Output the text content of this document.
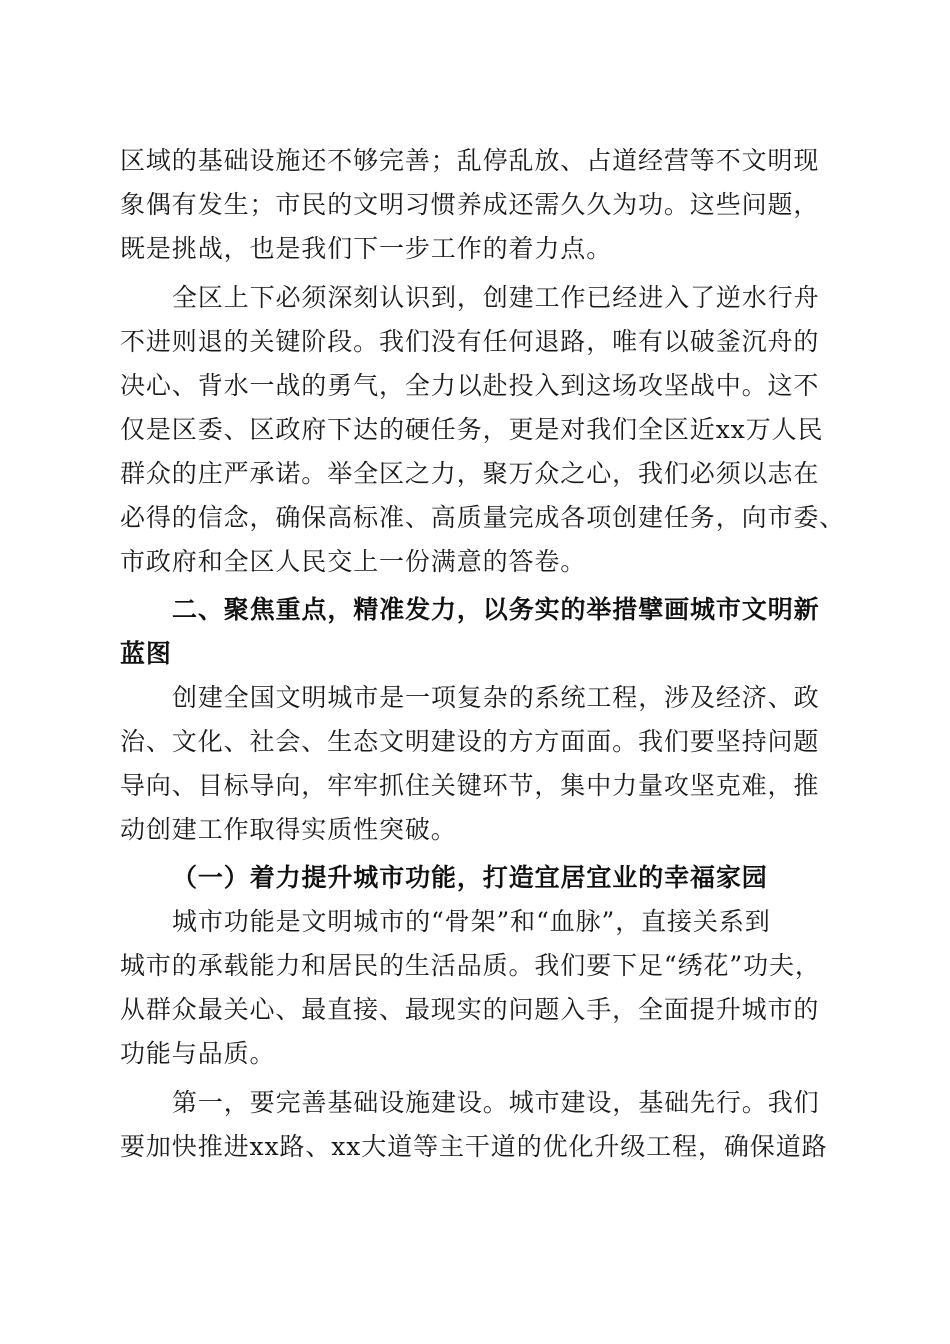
区域的基础设施还不够完善；乱停乱放、占道经营等不文明现
象偶有发生；市民的文明习惯养成还需久久为功。这些问题，
既是挑战，也是我们下一步工作的着力点。
全区上下必须深刻认识到，创建工作已经进入了逆水行舟
不进则退的关键阶段。我们没有任何退路，唯有以破釜沉舟的
决心、背水一战的勇气，全力以赴投入到这场攻坚战中。这不
仅是区委、区政府下达的硬任务，更是对我们全区近xx万人民
群众的庄严承诺。举全区之力，聚万众之心，我们必须以志在
必得的信念，确保高标准、高质量完成各项创建任务，向市委、
市政府和全区人民交上一份满意的答卷。
二、聚焦重点，精准发力，以务实的举措擘画城市文明新
蓝图
创建全国文明城市是一项复杂的系统工程，涉及经济、政
治、文化、社会、生态文明建设的方方面面。我们要坚持问题
导向、目标导向，牢牢抓住关键环节，集中力量攻坚克难，推
动创建工作取得实质性突破。
（一）着力提升城市功能，打造宜居宜业的幸福家园
城市功能是文明城市的“骨架”和“血脉”，直接关系到
城市的承载能力和居民的生活品质。我们要下足“绣花”功夫，
从群众最关心、最直接、最现实的问题入手，全面提升城市的
功能与品质。
第一，要完善基础设施建设。城市建设，基础先行。我们
要加快推进xx路、xx大道等主干道的优化升级工程，确保道路
